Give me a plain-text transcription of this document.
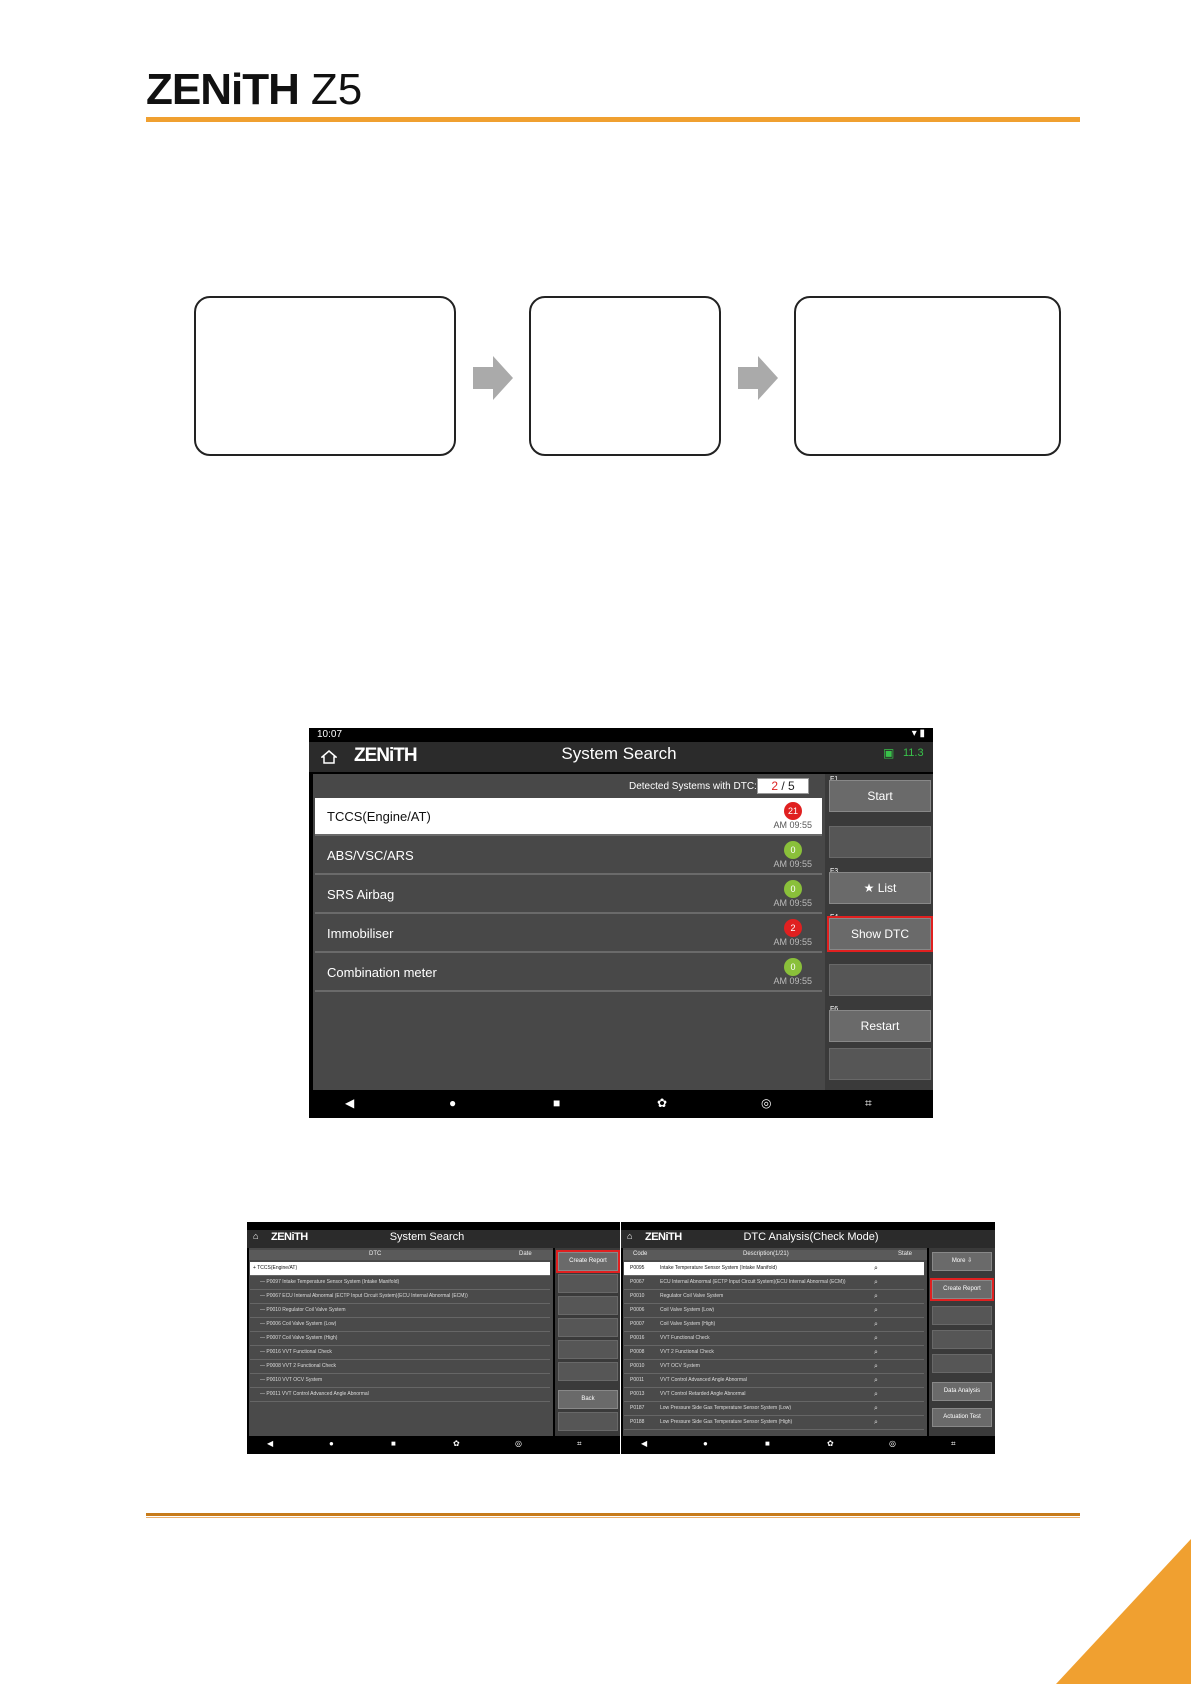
ZENiTH Z5
10:07	▾ ▮
ZENiTH	System Search	▣ 11.3
Detected Systems with DTC:	2 / 5
TCCS(Engine/AT)	21
AM 09:55
ABS/VSC/ARS	0
AM 09:55
SRS Airbag	0
AM 09:55
Immobiliser	2
AM 09:55
Combination meter	0
AM 09:55
Start
★ List
Show DTC
Restart
◀	●	■	✿	◎	⌗
⌂ ZENiTH	System Search
DTC	Date
+ TCCS(Engine/AT)
— P0097 Intake Temperature Sensor System (Intake Manifold)
— P0067 ECU Internal Abnormal (ECTP Input Circuit System)(ECU Internal Abnormal (ECM))
— P0010 Regulator Coil Valve System
— P0006 Coil Valve System (Low)
— P0007 Coil Valve System (High)
— P0016 VVT Functional Check
— P0008 VVT 2 Functional Check
— P0010 VVT OCV System
— P0011 VVT Control Advanced Angle Abnormal
Create Report
Back
◀	●	■	✿	◎	⌗
⌂ ZENiTH	DTC Analysis(Check Mode)
Code	Description(1/21)	State
P0095	Intake Temperature Sensor System (Intake Manifold)	⌕
P0067	ECU Internal Abnormal (ECTP Input Circuit System)(ECU Internal Abnormal (ECM))	⌕
P0010	Regulator Coil Valve System	⌕
P0006	Coil Valve System (Low)	⌕
P0007	Coil Valve System (High)	⌕
P0016	VVT Functional Check	⌕
P0008	VVT 2 Functional Check	⌕
P0010	VVT OCV System	⌕
P0011	VVT Control Advanced Angle Abnormal	⌕
P0013	VVT Control Retarded Angle Abnormal	⌕
P0187	Low Pressure Side Gas Temperature Sensor System (Low)	⌕
P0188	Low Pressure Side Gas Temperature Sensor System (High)	⌕
More ⇩
Create Report
Data Analysis
Actuation Test
◀	●	■	✿	◎	⌗
